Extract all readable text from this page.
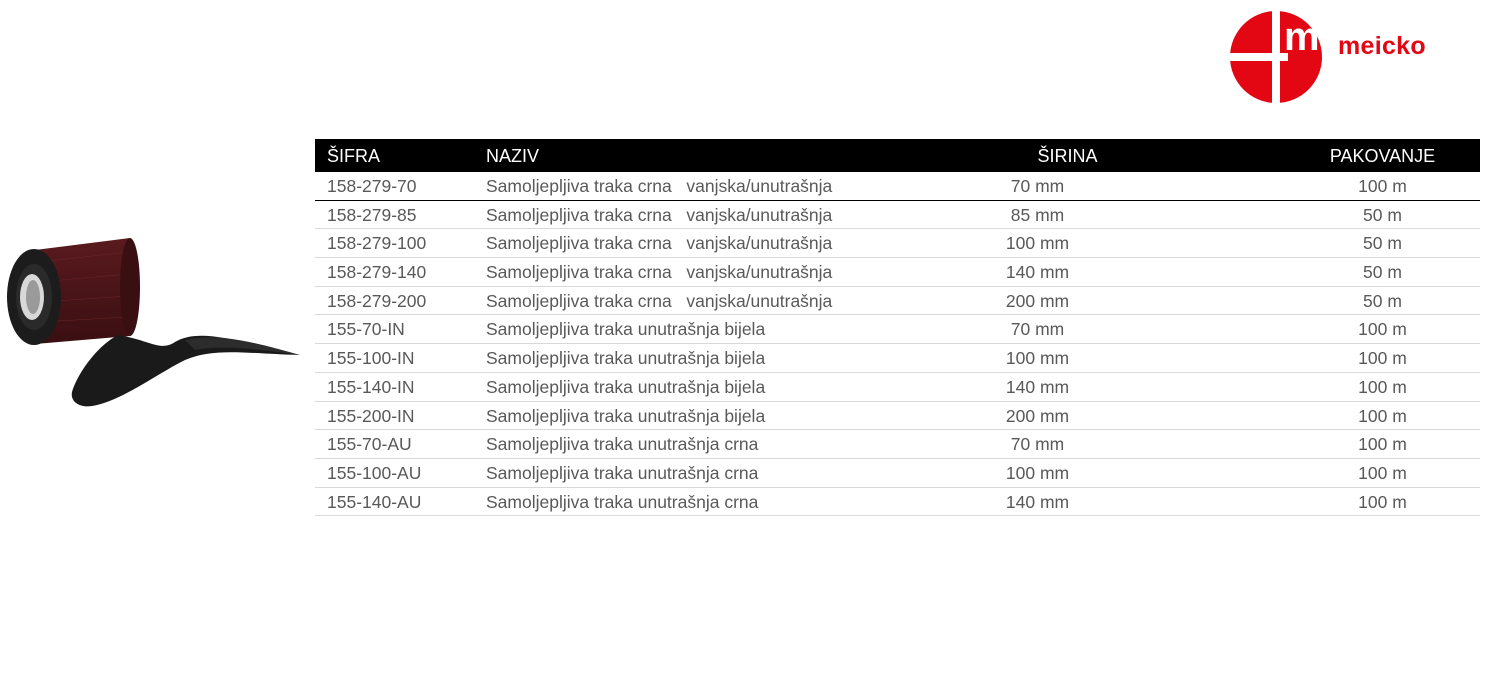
m meicko
ŠIFRA	NAZIV	ŠIRINA	PAKOVANJE
158-279-70	Samoljepljiva traka crna   vanjska/unutrašnja	70 mm	100 m
158-279-85	Samoljepljiva traka crna   vanjska/unutrašnja	85 mm	50 m
158-279-100	Samoljepljiva traka crna   vanjska/unutrašnja	100 mm	50 m
158-279-140	Samoljepljiva traka crna   vanjska/unutrašnja	140 mm	50 m
158-279-200	Samoljepljiva traka crna   vanjska/unutrašnja	200 mm	50 m
155-70-IN	Samoljepljiva traka unutrašnja bijela	70 mm	100 m
155-100-IN	Samoljepljiva traka unutrašnja bijela	100 mm	100 m
155-140-IN	Samoljepljiva traka unutrašnja bijela	140 mm	100 m
155-200-IN	Samoljepljiva traka unutrašnja bijela	200 mm	100 m
155-70-AU	Samoljepljiva traka unutrašnja crna	70 mm	100 m
155-100-AU	Samoljepljiva traka unutrašnja crna	100 mm	100 m
155-140-AU	Samoljepljiva traka unutrašnja crna	140 mm	100 m
